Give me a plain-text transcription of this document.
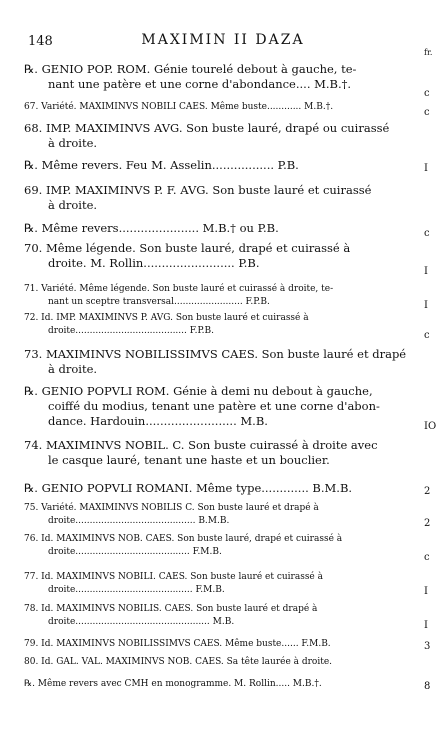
148	MAXIMIN II DAZA
fr.
℞. GENIO POP. ROM. Génie tourelé debout à gauche, te-
nant une patère et une corne d'abondance.... M.B.†.
c
67. Variété. MAXIMINVS NOBILI CAES. Même buste............ M.B.†.	c
68. IMP. MAXIMINVS AVG. Son buste lauré, drapé ou cuirassé
à droite.
℞. Même revers. Feu M. Asselin................. P.B.	I
69. IMP. MAXIMINVS P. F. AVG. Son buste lauré et cuirassé
à droite.
℞. Même revers...................... M.B.† ou P.B.	c
70. Même légende. Son buste lauré, drapé et cuirassé à
droite. M. Rollin......................... P.B.
I
71. Variété. Même légende. Son buste lauré et cuirassé à droite, te-
nant un sceptre transversal........................ F.P.B.	I
72. Id. IMP. MAXIMINVS P. AVG. Son buste lauré et cuirassé à
droite....................................... F.P.B.	c
73. MAXIMINVS NOBILISSIMVS CAES. Son buste lauré et drapé
à droite.
℞. GENIO POPVLI ROM. Génie à demi nu debout à gauche,
coiffé du modius, tenant une patère et une corne d'abon-
dance. Hardouin......................... M.B.	IO
74. MAXIMINVS NOBIL. C. Son buste cuirassé à droite avec
le casque lauré, tenant une haste et un bouclier.
℞. GENIO POPVLI ROMANI. Même type............. B.M.B.	2
75. Variété. MAXIMINVS NOBILIS C. Son buste lauré et drapé à
droite.......................................... B.M.B.	2
76. Id. MAXIMINVS NOB. CAES. Son buste lauré, drapé et cuirassé à
droite........................................ F.M.B.	c
77. Id. MAXIMINVS NOBILI. CAES. Son buste lauré et cuirassé à
droite......................................... F.M.B.	I
78. Id. MAXIMINVS NOBILIS. CAES. Son buste lauré et drapé à
droite............................................... M.B.	I
79. Id. MAXIMINVS NOBILISSIMVS CAES. Même buste...... F.M.B.	3
80. Id. GAL. VAL. MAXIMINVS NOB. CAES. Sa tête laurée à droite.
℞. Même revers avec CMH en monogramme. M. Rollin..... M.B.†.	8
